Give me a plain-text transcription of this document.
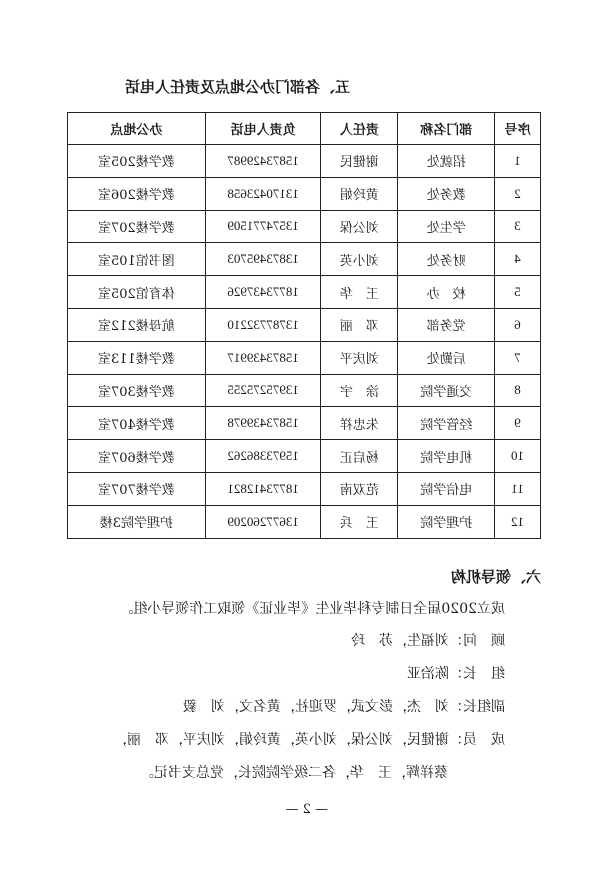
五、各部门办公地点及责任人电话
序号	部门名称	责任人	负责人电话	办公地点
1	招就处	谢健民	15873429987	教学楼205室
2	教务处	黄玲娟	13170423658	教学楼206室
3	学生处	刘公保	13574771509	教学楼207室
4	财务处	刘小英	13873495703	图书馆105室
5	校　办	王　华	18773437926	体育馆205室
6	党务部	邓　丽	13787732210	航母楼212室
7	后勤处	刘庆平	15873439917	教学楼113室
8	交通学院	涂　宇	13975275255	教学楼307室
9	经管学院	朱忠祥	15873439978	教学楼407室
10	机电学院	杨启正	15973386262	教学楼607室
11	电信学院	范双南	18773412821	教学楼707室
12	护理学院	王　兵	13677260209	护理学院3楼
六、领导机构
成立2020届全日制专科毕业生《毕业证》领取工作领导小组。
顾　问：刘福生，苏　玲
组　长：陈治亚
副组长：刘　杰，彭文武，罗迎社，黄名文，刘　毅
成　员：谢健民，刘公保，刘小英，黄玲娟，刘庆平，邓　丽，
蔡祥辉，王　华，各二级学院院长，党总支书记。
— 2 —
